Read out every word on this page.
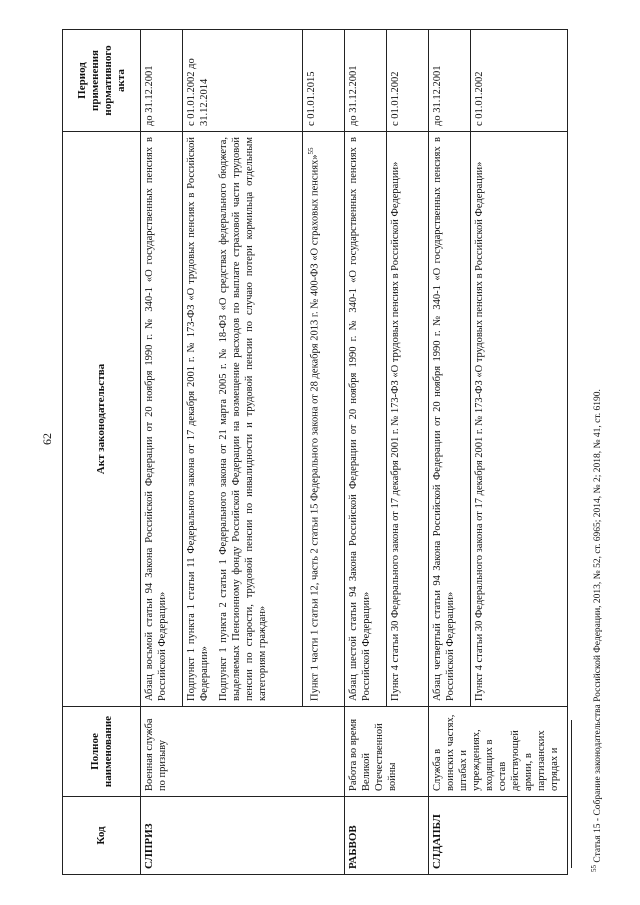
62
Код	Полное наименование	Акт законодательства	Период применения нормативного акта
СЛПРИЗ	Военная служба по призыву	Абзац восьмой статьи 94 Закона Российской Федерации от 20 ноября 1990 г. № 340-1 «О государственных пенсиях в Российской Федерации»	до 31.12.2001

		Подпункт 1 пункта 1 статьи 11 Федерального закона от 17 декабря 2001 г. № 173-ФЗ «О трудовых пенсиях в Российской Федерации» Подпункт 1 пункта 2 статьи 1 Федерального закона от 21 марта 2005 г. № 18-ФЗ «О средствах федерального бюджета, выделяемых Пенсионному фонду Российской Федерации на возмещение расходов по выплате страховой части трудовой пенсии по старости, трудовой пенсии по инвалидности и трудовой пенсии по случаю потери кормильца отдельным категориям граждан»	с 01.01.2002 до 31.12.2014
		Пункт 1 части 1 статьи 12, часть 2 статьи 15 Федерального закона от 28 декабря 2013 г. № 400-ФЗ «О страховых пенсиях»$^{55}$	с 01.01.2015
РАБВОВ	Работа во время Великой Отечественной войны	Абзац шестой статьи 94 Закона Российской Федерации от 20 ноября 1990 г. № 340-1 «О государственных пенсиях в Российской Федерации»	до 31.12.2001
		Пункт 4 статьи 30 Федерального закона от 17 декабря 2001 г. № 173-ФЗ «О трудовых пенсиях в Российской Федерации»	с 01.01.2002
СЛДАПБЛ	Служба в воинских частях, штабах и учреждениях, входящих в состав действующей армии, в партизанских отрядах и	Абзац четвертый статьи 94 Закона Российской Федерации от 20 ноября 1990 г. № 340-1 «О государственных пенсиях в Российской Федерации»	до 31.12.2001
		Пункт 4 статьи 30 Федерального закона от 17 декабря 2001 г. № 173-ФЗ «О трудовых пенсиях в Российской Федерации»	с 01.01.2002
$^{55}$ Статья 15 - Собрание законодательства Российской Федерации, 2013, № 52, ст. 6965; 2014, № 2; 2018, № 41, ст. 6190.
